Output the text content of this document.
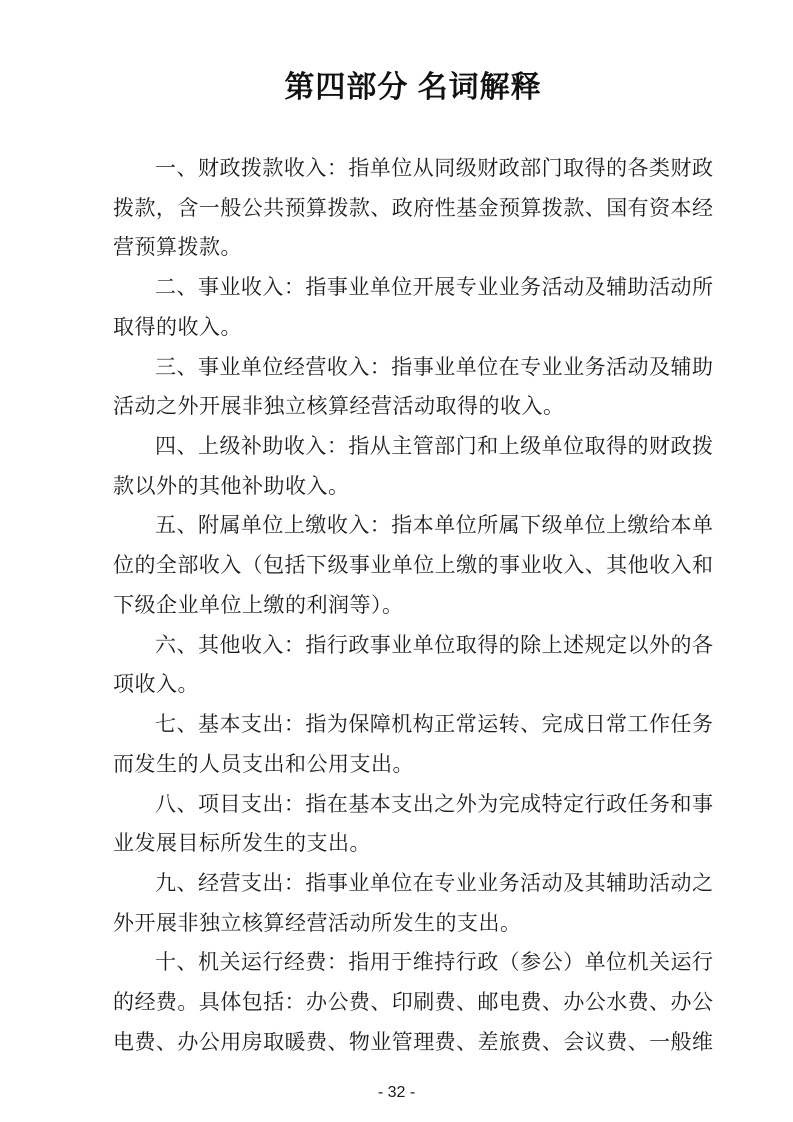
第四部分 名词解释
一、财政拨款收入：指单位从同级财政部门取得的各类财政
拨款，含一般公共预算拨款、政府性基金预算拨款、国有资本经
营预算拨款。
二、事业收入：指事业单位开展专业业务活动及辅助活动所
取得的收入。
三、事业单位经营收入：指事业单位在专业业务活动及辅助
活动之外开展非独立核算经营活动取得的收入。
四、上级补助收入：指从主管部门和上级单位取得的财政拨
款以外的其他补助收入。
五、附属单位上缴收入：指本单位所属下级单位上缴给本单
位的全部收入（包括下级事业单位上缴的事业收入、其他收入和
下级企业单位上缴的利润等）。
六、其他收入：指行政事业单位取得的除上述规定以外的各
项收入。
七、基本支出：指为保障机构正常运转、完成日常工作任务
而发生的人员支出和公用支出。
八、项目支出：指在基本支出之外为完成特定行政任务和事
业发展目标所发生的支出。
九、经营支出：指事业单位在专业业务活动及其辅助活动之
外开展非独立核算经营活动所发生的支出。
十、机关运行经费：指用于维持行政（参公）单位机关运行
的经费。具体包括：办公费、印刷费、邮电费、办公水费、办公
电费、办公用房取暖费、物业管理费、差旅费、会议费、一般维
- 32 -
